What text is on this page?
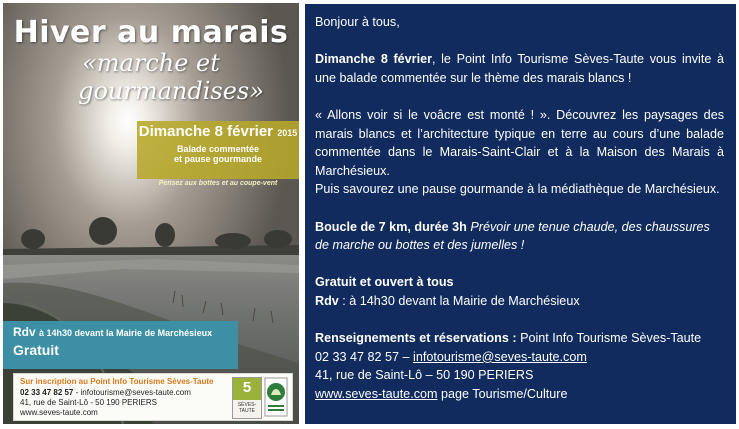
Hiver au marais
«marche et
gourmandises»
Dimanche 8 février 2015
Balade commentée
et pause gourmande
Pensez aux bottes et au coupe-vent
Rdv à 14h30 devant la Mairie de Marchésieux
Gratuit
Sur inscription au Point Info Tourisme Sèves-Taute
02 33 47 82 57 - infotourisme@seves-taute.com
41, rue de Saint-Lô - 50 190 PERIERS
www.seves-taute.com
5
SÈVES-TAUTE

Bonjour à tous,

Dimanche 8 février, le Point Info Tourisme Sèves-Taute vous invite à une balade commentée sur le thème des marais blancs !

« Allons voir si le voâcre est monté ! ». Découvrez les paysages des marais blancs et l’architecture typique en terre au cours d’une balade commentée dans le Marais-Saint-Clair et à la Maison des Marais à Marchésieux.

Puis savourez une pause gourmande à la médiathèque de Marchésieux.

Boucle de 7 km, durée 3h Prévoir une tenue chaude, des chaussures de marche ou bottes et des jumelles !

Gratuit et ouvert à tous

Rdv : à 14h30 devant la Mairie de Marchésieux

Renseignements et réservations : Point Info Tourisme Sèves-Taute

02 33 47 82 57 – infotourisme@seves-taute.com

41, rue de Saint-Lô – 50 190 PERIERS

www.seves-taute.com page Tourisme/Culture
